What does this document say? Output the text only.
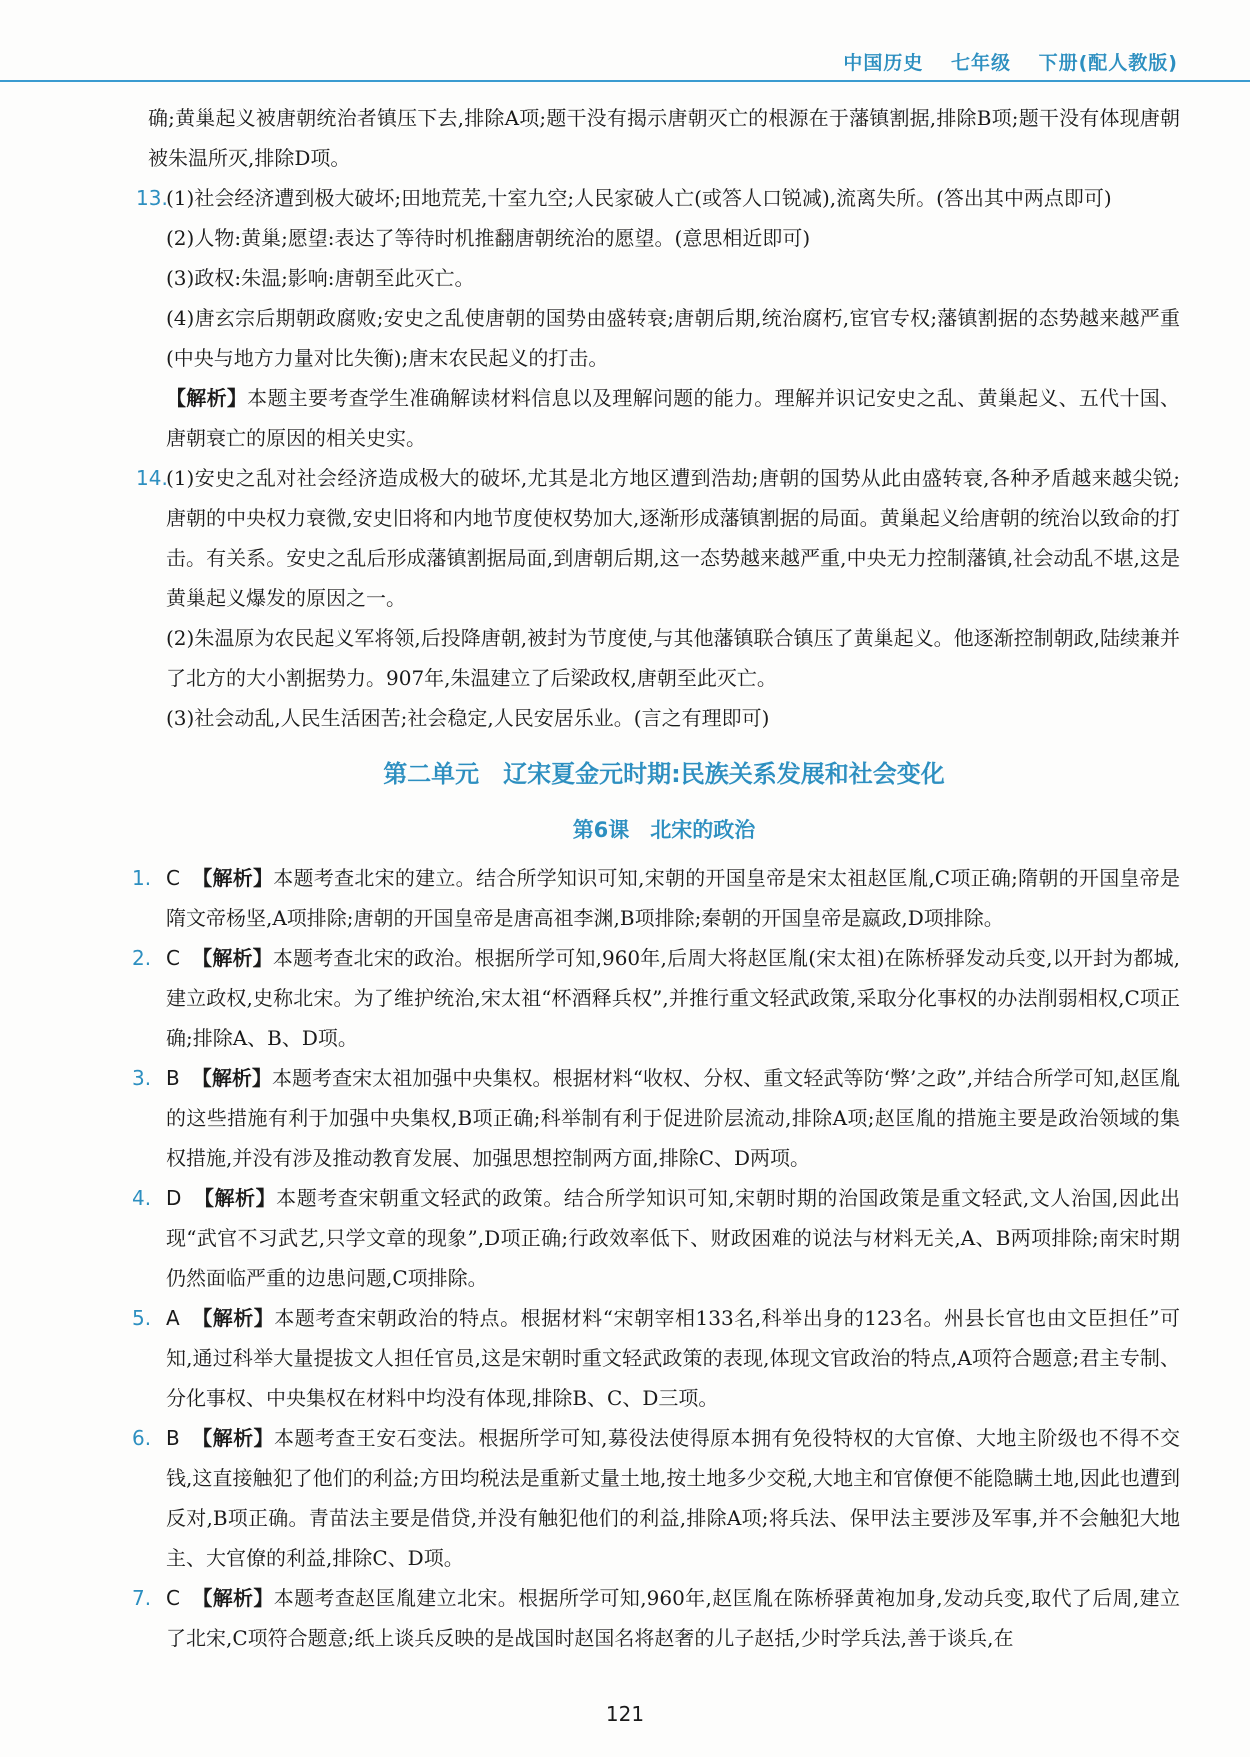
中国历史 七年级 下册(配人教版)

确;黄巢起义被唐朝统治者镇压下去,排除A项;题干没有揭示唐朝灭亡的根源在于藩镇割据,排除B项;题干没有体现唐朝被朱温所灭,排除D项。

13.

(1)社会经济遭到极大破坏;田地荒芜,十室九空;人民家破人亡(或答人口锐减),流离失所。(答出其中两点即可)

(2)人物:黄巢;愿望:表达了等待时机推翻唐朝统治的愿望。(意思相近即可)

(3)政权:朱温;影响:唐朝至此灭亡。

(4)唐玄宗后期朝政腐败;安史之乱使唐朝的国势由盛转衰;唐朝后期,统治腐朽,宦官专权;藩镇割据的态势越来越严重(中央与地方力量对比失衡);唐末农民起义的打击。

【解析】本题主要考查学生准确解读材料信息以及理解问题的能力。理解并识记安史之乱、黄巢起义、五代十国、唐朝衰亡的原因的相关史实。

14.

(1)安史之乱对社会经济造成极大的破坏,尤其是北方地区遭到浩劫;唐朝的国势从此由盛转衰,各种矛盾越来越尖锐;唐朝的中央权力衰微,安史旧将和内地节度使权势加大,逐渐形成藩镇割据的局面。黄巢起义给唐朝的统治以致命的打击。有关系。安史之乱后形成藩镇割据局面,到唐朝后期,这一态势越来越严重,中央无力控制藩镇,社会动乱不堪,这是黄巢起义爆发的原因之一。

(2)朱温原为农民起义军将领,后投降唐朝,被封为节度使,与其他藩镇联合镇压了黄巢起义。他逐渐控制朝政,陆续兼并了北方的大小割据势力。907年,朱温建立了后梁政权,唐朝至此灭亡。

(3)社会动乱,人民生活困苦;社会稳定,人民安居乐业。(言之有理即可)

第二单元　辽宋夏金元时期:民族关系发展和社会变化
第6课　北宋的政治
1. C 【解析】本题考查北宋的建立。结合所学知识可知,宋朝的开国皇帝是宋太祖赵匡胤,C项正确;隋朝的开国皇帝是隋文帝杨坚,A项排除;唐朝的开国皇帝是唐高祖李渊,B项排除;秦朝的开国皇帝是嬴政,D项排除。

2. C 【解析】本题考查北宋的政治。根据所学可知,960年,后周大将赵匡胤(宋太祖)在陈桥驿发动兵变,以开封为都城,建立政权,史称北宋。为了维护统治,宋太祖“杯酒释兵权”,并推行重文轻武政策,采取分化事权的办法削弱相权,C项正确;排除A、B、D项。

3. B 【解析】本题考查宋太祖加强中央集权。根据材料“收权、分权、重文轻武等防‘弊’之政”,并结合所学可知,赵匡胤的这些措施有利于加强中央集权,B项正确;科举制有利于促进阶层流动,排除A项;赵匡胤的措施主要是政治领域的集权措施,并没有涉及推动教育发展、加强思想控制两方面,排除C、D两项。

4. D 【解析】本题考查宋朝重文轻武的政策。结合所学知识可知,宋朝时期的治国政策是重文轻武,文人治国,因此出现“武官不习武艺,只学文章的现象”,D项正确;行政效率低下、财政困难的说法与材料无关,A、B两项排除;南宋时期仍然面临严重的边患问题,C项排除。

5. A 【解析】本题考查宋朝政治的特点。根据材料“宋朝宰相133名,科举出身的123名。州县长官也由文臣担任”可知,通过科举大量提拔文人担任官员,这是宋朝时重文轻武政策的表现,体现文官政治的特点,A项符合题意;君主专制、分化事权、中央集权在材料中均没有体现,排除B、C、D三项。

6. B 【解析】本题考查王安石变法。根据所学可知,募役法使得原本拥有免役特权的大官僚、大地主阶级也不得不交钱,这直接触犯了他们的利益;方田均税法是重新丈量土地,按土地多少交税,大地主和官僚便不能隐瞒土地,因此也遭到反对,B项正确。青苗法主要是借贷,并没有触犯他们的利益,排除A项;将兵法、保甲法主要涉及军事,并不会触犯大地主、大官僚的利益,排除C、D项。

7. C 【解析】本题考查赵匡胤建立北宋。根据所学可知,960年,赵匡胤在陈桥驿黄袍加身,发动兵变,取代了后周,建立了北宋,C项符合题意;纸上谈兵反映的是战国时赵国名将赵奢的儿子赵括,少时学兵法,善于谈兵,在

121
